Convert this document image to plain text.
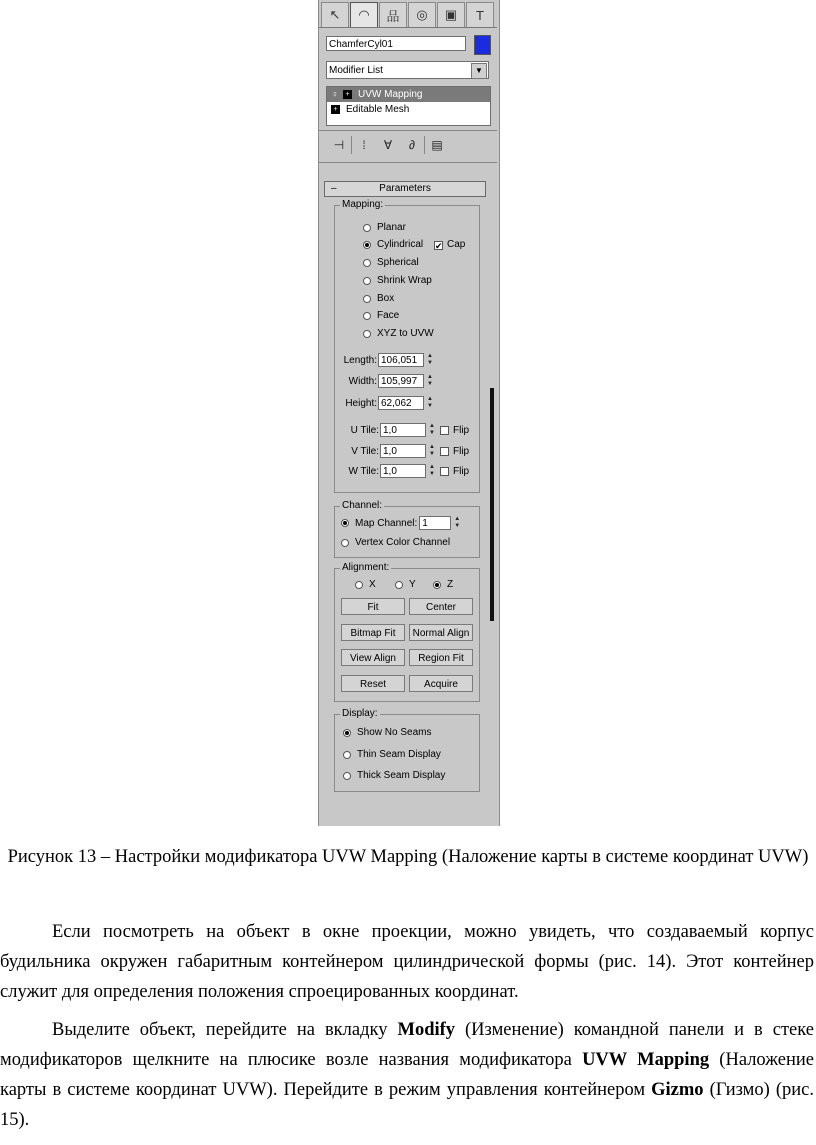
↖	◠	品	◎	▣	T
ChamferCyl01
Modifier List	▼
♀	+ UVW Mapping
+ Editable Mesh
⊣	⁞	∀	∂	▤
–	Parameters
Mapping:
Planar
Cylindrical ✔ Cap
Spherical
Shrink Wrap
Box
Face
XYZ to UVW
Length: 106,051	▲
▼
Width: 105,997	▲
▼
Height: 62,062	▲
▼
U Tile: 1,0	▲
▼ Flip
V Tile: 1,0	▲
▼ Flip
W Tile: 1,0	▲
▼ Flip
Channel:
Map Channel: 1	▲
▼
Vertex Color Channel
Alignment:
X	Y	Z
Fit	Center
Bitmap Fit	Normal Align
View Align	Region Fit
Reset	Acquire
Display:
Show No Seams
Thin Seam Display
Thick Seam Display
Рисунок 13 – Настройки модификатора UVW Mapping (Наложение карты в системе координат UVW)
Если посмотреть на объект в окне проекции, можно увидеть, что создаваемый корпус будильника окружен габаритным контейнером цилиндрической формы (рис. 14). Этот контейнер служит для определения положения спроецированных координат.
Выделите объект, перейдите на вкладку Modify (Изменение) командной панели и в стеке модификаторов щелкните на плюсике возле названия модификатора UVW Mapping (Наложение карты в системе координат UVW). Перейдите в режим управления контейнером Gizmo (Гизмо) (рис. 15).
